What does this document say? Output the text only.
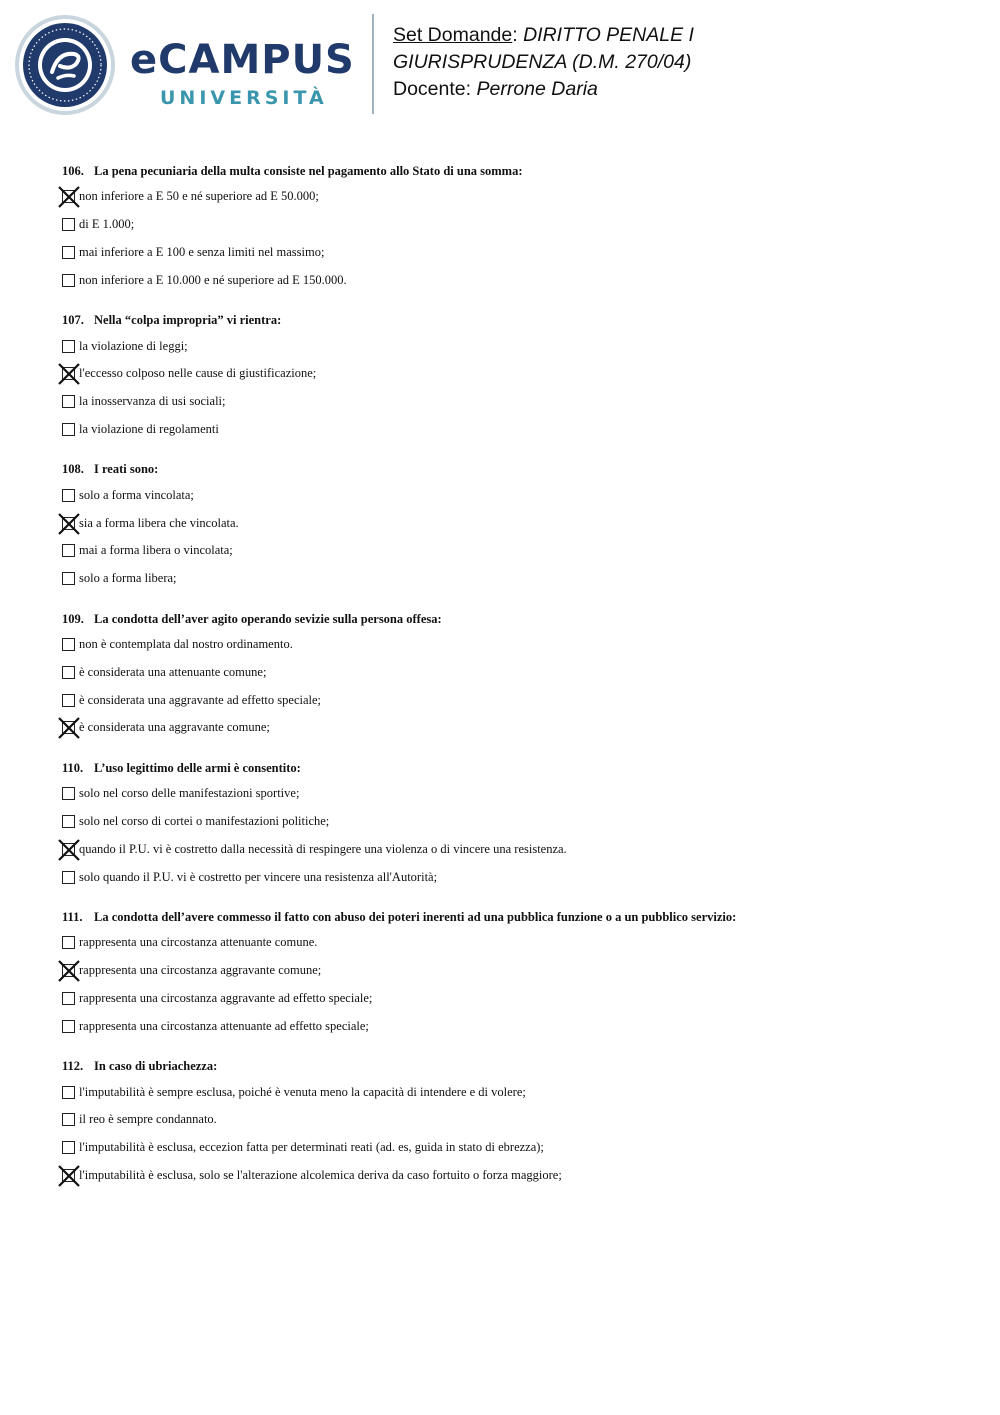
eCAMPUS
UNIVERSITÀ
Set Domande: DIRITTO PENALE I
GIURISPRUDENZA (D.M. 270/04)
Docente: Perrone Daria
106. La pena pecuniaria della multa consiste nel pagamento allo Stato di una somma:
non inferiore a E 50 e né superiore ad E 50.000;
di E 1.000;
mai inferiore a E 100 e senza limiti nel massimo;
non inferiore a E 10.000 e né superiore ad E 150.000.
107. Nella “colpa impropria” vi rientra:
la violazione di leggi;
l'eccesso colposo nelle cause di giustificazione;
la inosservanza di usi sociali;
la violazione di regolamenti
108. I reati sono:
solo a forma vincolata;
sia a forma libera che vincolata.
mai a forma libera o vincolata;
solo a forma libera;
109. La condotta dell’aver agito operando sevizie sulla persona offesa:
non è contemplata dal nostro ordinamento.
è considerata una attenuante comune;
è considerata una aggravante ad effetto speciale;
è considerata una aggravante comune;
110. L’uso legittimo delle armi è consentito:
solo nel corso delle manifestazioni sportive;
solo nel corso di cortei o manifestazioni politiche;
quando il P.U. vi è costretto dalla necessità di respingere una violenza o di vincere una resistenza.
solo quando il P.U. vi è costretto per vincere una resistenza all'Autorità;
111. La condotta dell’avere commesso il fatto con abuso dei poteri inerenti ad una pubblica funzione o a un pubblico servizio:
rappresenta una circostanza attenuante comune.
rappresenta una circostanza aggravante comune;
rappresenta una circostanza aggravante ad effetto speciale;
rappresenta una circostanza attenuante ad effetto speciale;
112. In caso di ubriachezza:
l'imputabilità è sempre esclusa, poiché è venuta meno la capacità di intendere e di volere;
il reo è sempre condannato.
l'imputabilità è esclusa, eccezion fatta per determinati reati (ad. es, guida in stato di ebrezza);
l'imputabilità è esclusa, solo se l'alterazione alcolemica deriva da caso fortuito o forza maggiore;
